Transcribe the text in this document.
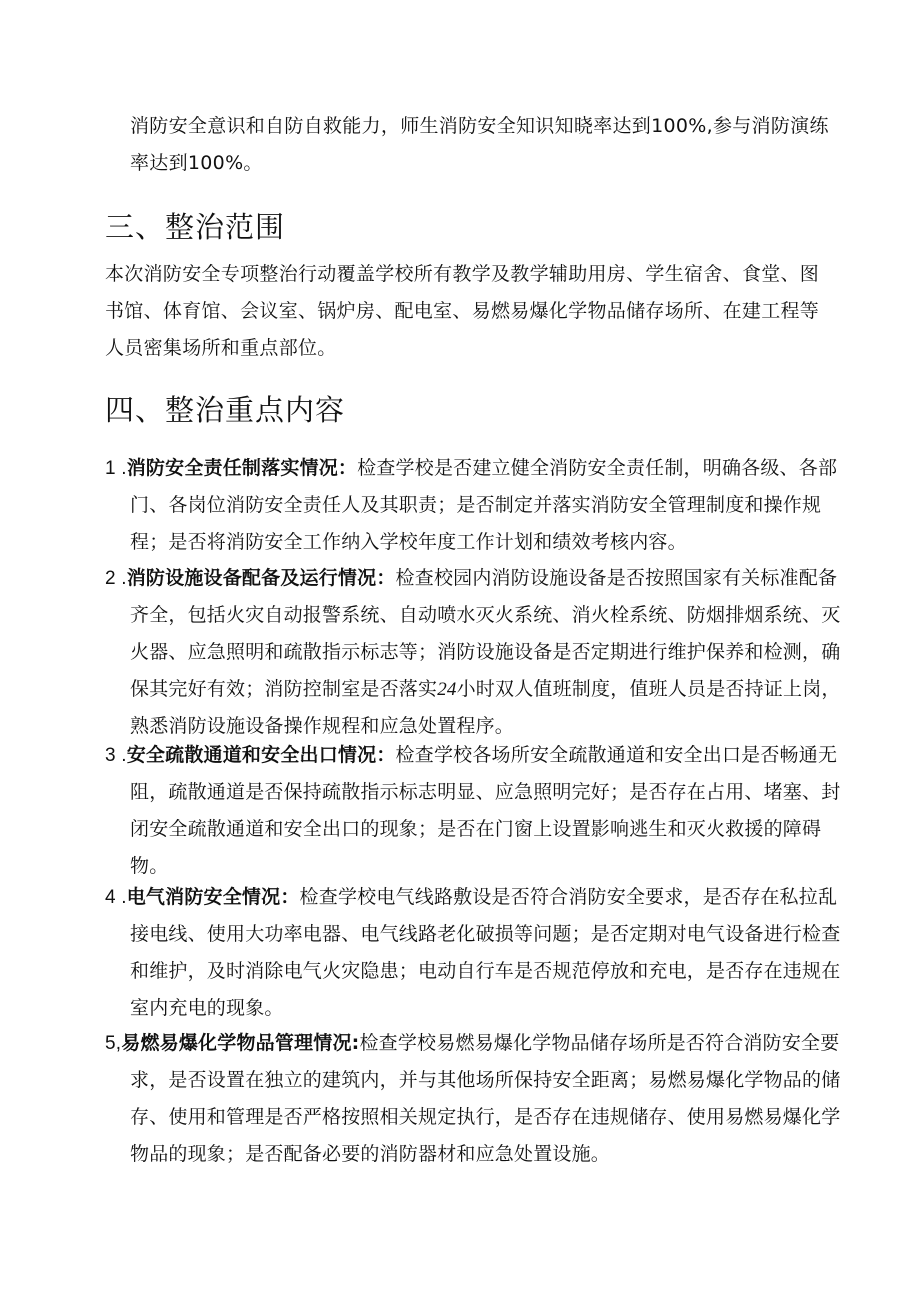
消防安全意识和自防自救能力，师生消防安全知识知晓率达到100%,参与消防演练率达到100%。

三、整治范围

本次消防安全专项整治行动覆盖学校所有教学及教学辅助用房、学生宿舍、食堂、图书馆、体育馆、会议室、锅炉房、配电室、易燃易爆化学物品储存场所、在建工程等人员密集场所和重点部位。

四、整治重点内容

1 .消防安全责任制落实情况：检查学校是否建立健全消防安全责任制，明确各级、各部门、各岗位消防安全责任人及其职责；是否制定并落实消防安全管理制度和操作规程；是否将消防安全工作纳入学校年度工作计划和绩效考核内容。

2 .消防设施设备配备及运行情况：检查校园内消防设施设备是否按照国家有关标准配备齐全，包括火灾自动报警系统、自动喷水灭火系统、消火栓系统、防烟排烟系统、灭火器、应急照明和疏散指示标志等；消防设施设备是否定期进行维护保养和检测，确保其完好有效；消防控制室是否落实24小时双人值班制度，值班人员是否持证上岗，熟悉消防设施设备操作规程和应急处置程序。

3 .安全疏散通道和安全出口情况：检查学校各场所安全疏散通道和安全出口是否畅通无阻，疏散通道是否保持疏散指示标志明显、应急照明完好；是否存在占用、堵塞、封闭安全疏散通道和安全出口的现象；是否在门窗上设置影响逃生和灭火救援的障碍物。

4 .电气消防安全情况：检查学校电气线路敷设是否符合消防安全要求，是否存在私拉乱接电线、使用大功率电器、电气线路老化破损等问题；是否定期对电气设备进行检查和维护，及时消除电气火灾隐患；电动自行车是否规范停放和充电，是否存在违规在室内充电的现象。

5,易燃易爆化学物品管理情况:检查学校易燃易爆化学物品储存场所是否符合消防安全要求，是否设置在独立的建筑内，并与其他场所保持安全距离；易燃易爆化学物品的储存、使用和管理是否严格按照相关规定执行，是否存在违规储存、使用易燃易爆化学物品的现象；是否配备必要的消防器材和应急处置设施。
